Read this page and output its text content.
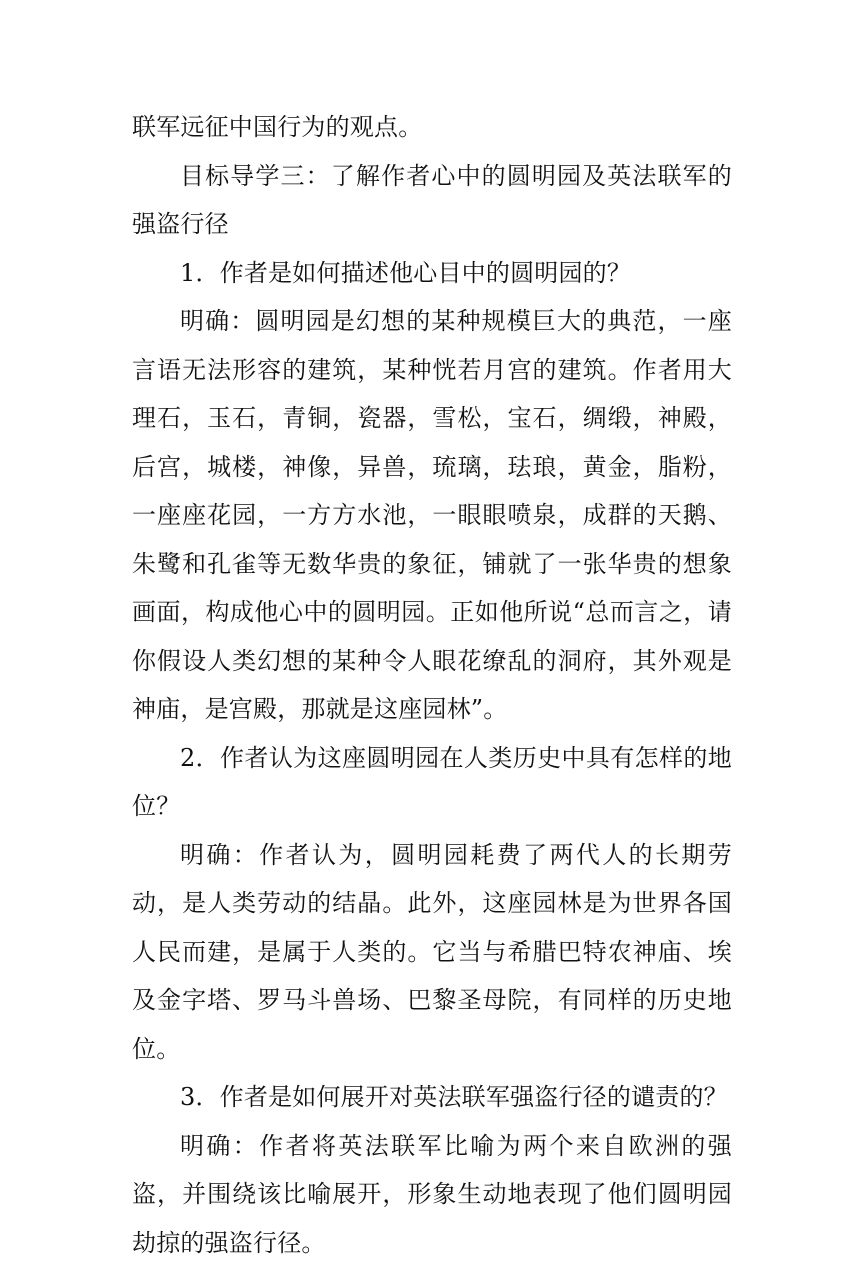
联军远征中国行为的观点。

目标导学三：了解作者心中的圆明园及英法联军的强盗行径

1．作者是如何描述他心目中的圆明园的？

明确：圆明园是幻想的某种规模巨大的典范，一座言语无法形容的建筑，某种恍若月宫的建筑。作者用大理石，玉石，青铜，瓷器，雪松，宝石，绸缎，神殿，后宫，城楼，神像，异兽，琉璃，珐琅，黄金，脂粉，一座座花园，一方方水池，一眼眼喷泉，成群的天鹅、朱鹭和孔雀等无数华贵的象征，铺就了一张华贵的想象画面，构成他心中的圆明园。正如他所说“总而言之，请你假设人类幻想的某种令人眼花缭乱的洞府，其外观是神庙，是宫殿，那就是这座园林”。

2．作者认为这座圆明园在人类历史中具有怎样的地位？

明确：作者认为，圆明园耗费了两代人的长期劳动，是人类劳动的结晶。此外，这座园林是为世界各国人民而建，是属于人类的。它当与希腊巴特农神庙、埃及金字塔、罗马斗兽场、巴黎圣母院，有同样的历史地位。

3．作者是如何展开对英法联军强盗行径的谴责的？

明确：作者将英法联军比喻为两个来自欧洲的强盗，并围绕该比喻展开，形象生动地表现了他们圆明园劫掠的强盗行径。
